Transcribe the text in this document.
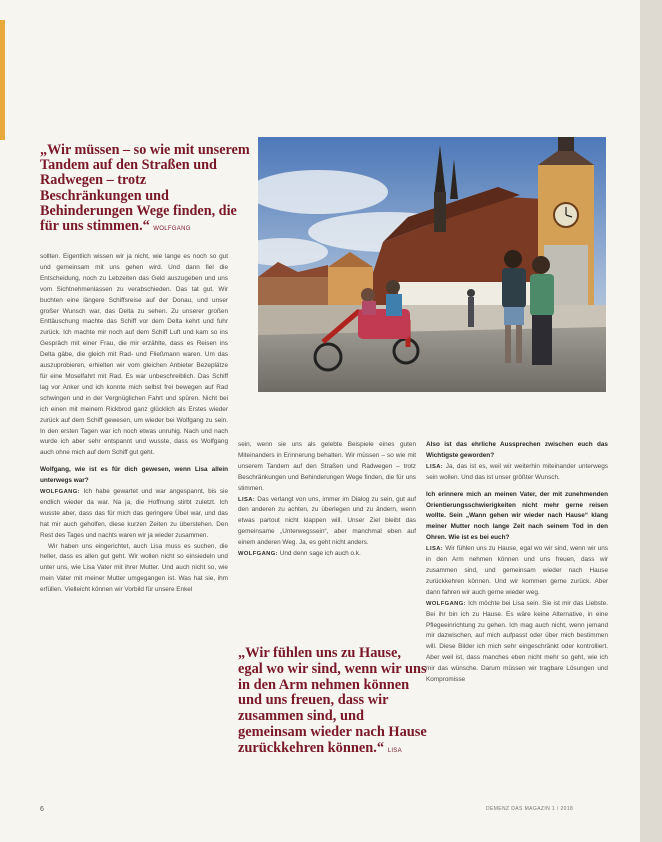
„Wir müssen – so wie mit unserem Tandem auf den Straßen und Radwegen – trotz Beschränkungen und Behinderungen Wege finden, die für uns stimmen.“ WOLFGANG

sollten. Eigentlich wissen wir ja nicht, wie lange es noch so gut und gemeinsam mit uns gehen wird. Und dann fiel die Entscheidung, noch zu Lebzeiten das Geld auszugeben und uns vom Sichtnehmenlassen zu verabschieden. Das tat gut. Wir buchten eine längere Schiffsreise auf der Donau, und unser großer Wunsch war, das Delta zu sehen. Zu unserer großen Enttäuschung machte das Schiff vor dem Delta kehrt und fuhr zurück. Ich machte mir noch auf dem Schiff Luft und kam so ins Gespräch mit einer Frau, die mir erzählte, dass es Reisen ins Delta gäbe, die gleich mit Rad- und Fließmann waren. Um das auszuprobieren, erhielten wir vom gleichen Anbieter Bezeplätze für eine Moselfahrt mit Rad. Es war unbeschreiblich. Das Schiff lag vor Anker und ich konnte mich selbst frei bewegen auf Rad schwingen und in der Vergnüglichen Fahrt und spüren. Nicht bei ich einen mit meinem Rickbrod ganz glücklich als Erstes wieder zurück auf dem Schiff gewesen, um wieder bei Wolfgang zu sein. In den ersten Tagen war ich noch etwas unruhig. Nach und nach wurde ich aber sehr entspannt und wusste, dass es Wolfgang auch ohne mich auf dem Schiff gut geht.

Wolfgang, wie ist es für dich gewesen, wenn Lisa allein unterwegs war?

WOLFGANG: Ich habe gewartet und war angespannt, bis sie endlich wieder da war. Na ja, die Hoffnung stirbt zuletzt. Ich wusste aber, dass das für mich das geringere Übel war, und das hat mir auch geholfen, diese kurzen Zeiten zu überstehen. Den Rest des Tages und nachts waren wir ja wieder zusammen.

Wir haben uns eingerichtet, auch Lisa muss es suchen, die heller, dass es allen gut geht. Wir wollen nicht so einsiedeln und unter uns, wie Lisa Vater mit ihrer Mutter. Und auch nicht so, wie mein Vater mit meiner Mutter umgegangen ist. Was hat sie, ihm erfüllen. Vielleicht können wir Vorbild für unsere Enkel

sein, wenn sie uns als gelebte Beispiele eines guten Miteinanders in Erinnerung behalten. Wir müssen – so wie mit unserem Tandem auf den Straßen und Radwegen – trotz Beschränkungen und Behinderungen Wege finden, die für uns stimmen.

LISA: Das verlangt von uns, immer im Dialog zu sein, gut auf den anderen zu achten, zu überlegen und zu ändern, wenn etwas partout nicht klappen will. Unser Ziel bleibt das gemeinsame „Unterwegssein“, aber manchmal eben auf einem anderen Weg. Ja, es geht nicht anders.

WOLFGANG: Und denn sage ich auch o.k.

„Wir fühlen uns zu Hause, egal wo wir sind, wenn wir uns in den Arm nehmen können und uns freuen, dass wir zusammen sind, und gemeinsam wieder nach Hause zurückkehren können.“ LISA

Also ist das ehrliche Aussprechen zwischen euch das Wichtigste geworden?

LISA: Ja, das ist es, weil wir weiterhin miteinander unterwegs sein wollen. Und das ist unser größter Wunsch.

Ich erinnere mich an meinen Vater, der mit zunehmenden Orientierungsschwierigkeiten nicht mehr gerne reisen wollte. Sein „Wann gehen wir wieder nach Hause“ klang meiner Mutter noch lange Zeit nach seinem Tod in den Ohren. Wie ist es bei euch?

LISA: Wir fühlen uns zu Hause, egal wo wir sind, wenn wir uns in den Arm nehmen können und uns freuen, dass wir zusammen sind, und gemeinsam wieder nach Hause zurückkehren können. Und wir kommen gerne zurück. Aber dann fahren wir auch gerne wieder weg.

WOLFGANG: Ich möchte bei Lisa sein. Sie ist mir das Liebste. Bei ihr bin ich zu Hause. Es wäre keine Alternative, in eine Pflegeeinrichtung zu gehen. Ich mag auch nicht, wenn jemand mir dazwischen, auf mich aufpasst oder über mich bestimmen will. Diese Bilder ich mich sehr eingeschränkt oder kontrolliert. Aber weil ist, dass manches eben nicht mehr so geht, wie ich mir das wünsche. Darum müssen wir tragbare Lösungen und Kompromisse

6	DEMENZ DAS MAGAZIN 1 / 2018
